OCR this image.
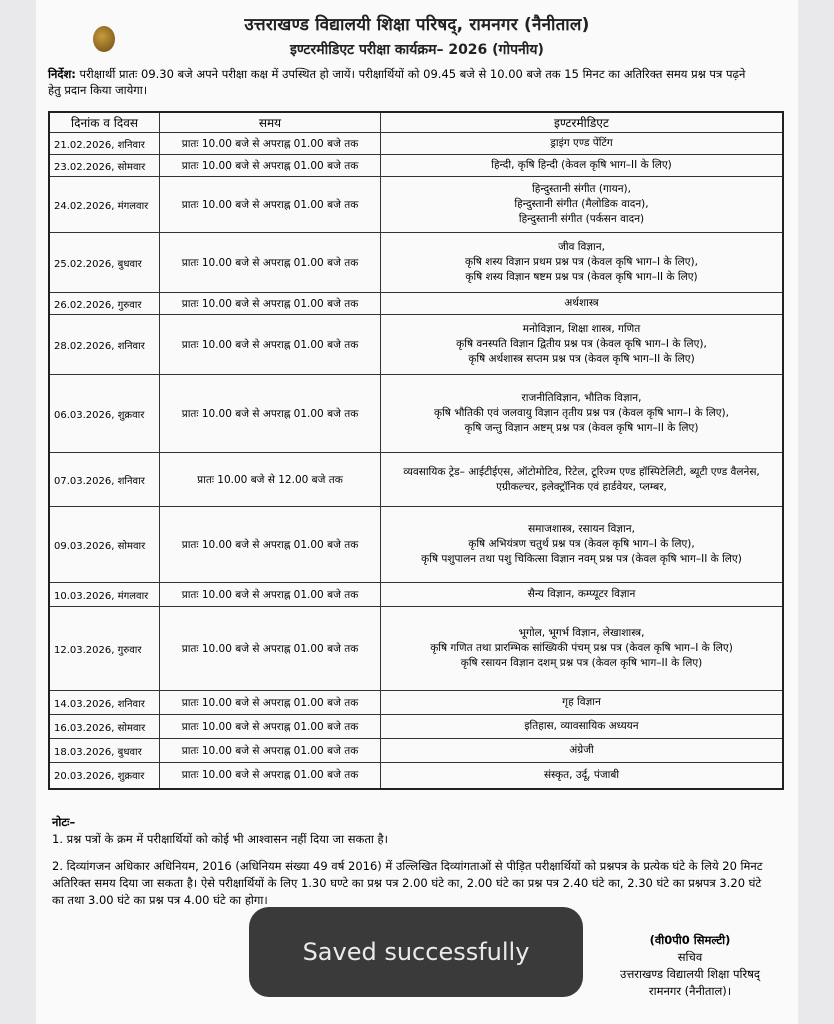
उत्तराखण्ड विद्यालयी शिक्षा परिषद्, रामनगर (नैनीताल)
इण्टरमीडिएट परीक्षा कार्यक्रम– 2026 (गोपनीय)
निर्देश: परीक्षार्थी प्रातः 09.30 बजे अपने परीक्षा कक्ष में उपस्थित हो जायें। परीक्षार्थियों को 09.45 बजे से 10.00 बजे तक 15 मिनट का अतिरिक्त समय प्रश्न पत्र पढ़ने हेतु प्रदान किया जायेगा।
दिनांक व दिवस	समय	इण्टरमीडिएट
21.02.2026, शनिवार	प्रातः 10.00 बजे से अपराह्न 01.00 बजे तक	ड्राइंग एण्ड पेंटिंग

23.02.2026, सोमवार	प्रातः 10.00 बजे से अपराह्न 01.00 बजे तक	हिन्दी, कृषि हिन्दी (केवल कृषि भाग–II के लिए)

24.02.2026, मंगलवार	प्रातः 10.00 बजे से अपराह्न 01.00 बजे तक	हिन्दुस्तानी संगीत (गायन),
हिन्दुस्तानी संगीत (मैलोडिक वादन),
हिन्दुस्तानी संगीत (पर्कसन वादन)

25.02.2026, बुधवार	प्रातः 10.00 बजे से अपराह्न 01.00 बजे तक	जीव विज्ञान,
कृषि शस्य विज्ञान प्रथम प्रश्न पत्र (केवल कृषि भाग–I के लिए),
कृषि शस्य विज्ञान षष्टम प्रश्न पत्र (केवल कृषि भाग–II के लिए)

26.02.2026, गुरुवार	प्रातः 10.00 बजे से अपराह्न 01.00 बजे तक	अर्थशास्त्र

28.02.2026, शनिवार	प्रातः 10.00 बजे से अपराह्न 01.00 बजे तक	मनोविज्ञान, शिक्षा शास्त्र, गणित
कृषि वनस्पति विज्ञान द्वितीय प्रश्न पत्र (केवल कृषि भाग–I के लिए),
कृषि अर्थशास्त्र सप्तम प्रश्न पत्र (केवल कृषि भाग–II के लिए)

06.03.2026, शुक्रवार	प्रातः 10.00 बजे से अपराह्न 01.00 बजे तक	राजनीतिविज्ञान, भौतिक विज्ञान,
कृषि भौतिकी एवं जलवायु विज्ञान तृतीय प्रश्न पत्र (केवल कृषि भाग–I के लिए),
कृषि जन्तु विज्ञान अष्टम् प्रश्न पत्र (केवल कृषि भाग–II के लिए)

07.03.2026, शनिवार	प्रातः 10.00 बजे से 12.00 बजे तक	व्यवसायिक ट्रेड– आईटीईएस, ऑटोमोटिव, रिटेल, टूरिज्म एण्ड हॉस्पिटेलिटी, ब्यूटी एण्ड वैलनेस, एग्रीकल्चर, इलेक्ट्रॉनिक एवं हार्डवेयर, प्लम्बर,

09.03.2026, सोमवार	प्रातः 10.00 बजे से अपराह्न 01.00 बजे तक	समाजशास्त्र, रसायन विज्ञान,
कृषि अभियंत्रण चतुर्थ प्रश्न पत्र (केवल कृषि भाग–I के लिए),
कृषि पशुपालन तथा पशु चिकित्सा विज्ञान नवम् प्रश्न पत्र (केवल कृषि भाग–II के लिए)

10.03.2026, मंगलवार	प्रातः 10.00 बजे से अपराह्न 01.00 बजे तक	सैन्य विज्ञान, कम्प्यूटर विज्ञान

12.03.2026, गुरुवार	प्रातः 10.00 बजे से अपराह्न 01.00 बजे तक	भूगोल, भूगर्भ विज्ञान, लेखाशास्त्र,
कृषि गणित तथा प्रारम्भिक सांख्यिकी पंचम् प्रश्न पत्र (केवल कृषि भाग–I के लिए)
कृषि रसायन विज्ञान दशम् प्रश्न पत्र (केवल कृषि भाग–II के लिए)

14.03.2026, शनिवार	प्रातः 10.00 बजे से अपराह्न 01.00 बजे तक	गृह विज्ञान

16.03.2026, सोमवार	प्रातः 10.00 बजे से अपराह्न 01.00 बजे तक	इतिहास, व्यावसायिक अध्ययन

18.03.2026, बुधवार	प्रातः 10.00 बजे से अपराह्न 01.00 बजे तक	अंग्रेजी

20.03.2026, शुक्रवार	प्रातः 10.00 बजे से अपराह्न 01.00 बजे तक	संस्कृत, उर्दू, पंजाबी
नोटः–

1. प्रश्न पत्रों के क्रम में परीक्षार्थियों को कोई भी आश्वासन नहीं दिया जा सकता है।

2. दिव्यांगजन अधिकार अधिनियम, 2016 (अधिनियम संख्या 49 वर्ष 2016) में उल्लिखित दिव्यांगताओं से पीड़ित परीक्षार्थियों को प्रश्नपत्र के प्रत्येक घंटे के लिये 20 मिनट अतिरिक्त समय दिया जा सकता है। ऐसे परीक्षार्थियों के लिए 1.30 घण्टे का प्रश्न पत्र 2.00 घंटे का, 2.00 घंटे का प्रश्न पत्र 2.40 घंटे का, 2.30 घंटे का प्रश्नपत्र 3.20 घंटे का तथा 3.00 घंटे का प्रश्न पत्र 4.00 घंटे का होगा।

(वी0पी0 सिमल्टी)
सचिव
उत्तराखण्ड विद्यालयी शिक्षा परिषद्
रामनगर (नैनीताल)।
Saved successfully
